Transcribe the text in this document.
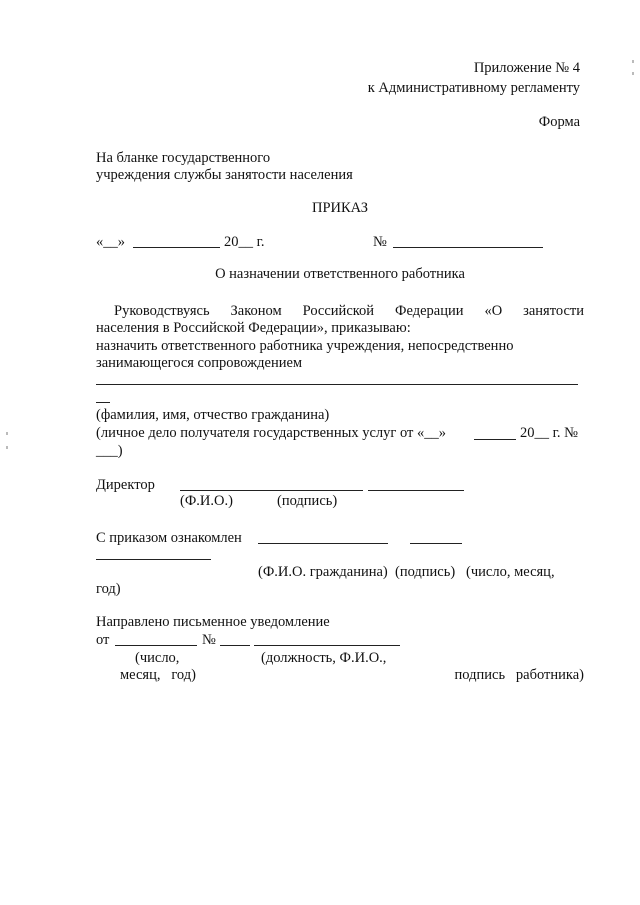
Приложение № 4
к Административному регламенту
Форма
На бланке государственного
учреждения службы занятости населения
ПРИКАЗ
«__»	20__ г.	№
О назначении ответственного работника
Руководствуясь Законом Российской Федерации «О занятости
населения в Российской Федерации», приказываю:
назначить ответственного работника учреждения, непосредственно
занимающегося сопровождением
(фамилия, имя, отчество гражданина)
(личное дело получателя государственных услуг от «__»	20__ г. №
___)
Директор
(Ф.И.О.)	(подпись)
С приказом ознакомлен
(Ф.И.О. гражданина)  (подпись)   (число, месяц,
год)
Направлено письменное уведомление
от	№
(число,	(должность, Ф.И.О.,
месяц,   год)	подпись   работника)
